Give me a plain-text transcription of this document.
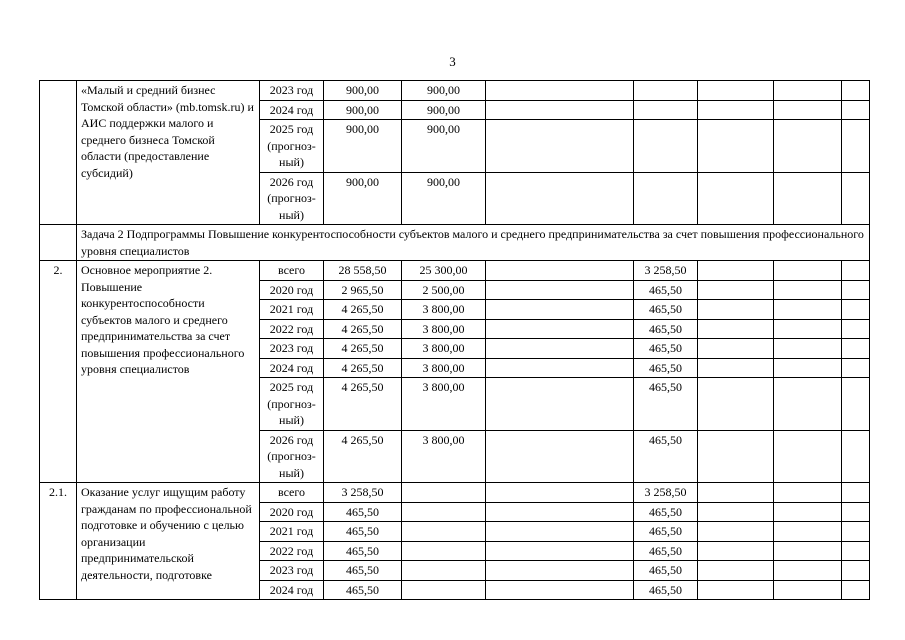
3
	«Малый и средний бизнес Томской области» (mb.tomsk.ru) и АИС поддержки малого и среднего бизнеса Томской области (предоставление субсидий)	2023 год	900,00	900,00					
		2024 год	900,00	900,00					
		2025 год (прогноз-ный)	900,00	900,00					
		2026 год (прогноз-ный)	900,00	900,00					
	Задача 2 Подпрограммы Повышение конкурентоспособности субъектов малого и среднего предпринимательства за счет повышения профессионального уровня специалистов								
2.	Основное мероприятие 2. Повышение конкурентоспособности субъектов малого и среднего предпринимательства за счет повышения профессионального уровня специалистов	всего	28 558,50	25 300,00		3 258,50			
		2020 год	2 965,50	2 500,00		465,50			
		2021 год	4 265,50	3 800,00		465,50			
		2022 год	4 265,50	3 800,00		465,50			
		2023 год	4 265,50	3 800,00		465,50			
		2024 год	4 265,50	3 800,00		465,50			
		2025 год (прогноз-ный)	4 265,50	3 800,00		465,50			
		2026 год (прогноз-ный)	4 265,50	3 800,00		465,50			
2.1.	Оказание услуг ищущим работу гражданам по профессиональной подготовке и обучению с целью организации предпринимательской деятельности, подготовке	всего	3 258,50			3 258,50			
		2020 год	465,50			465,50			
		2021 год	465,50			465,50			
		2022 год	465,50			465,50			
		2023 год	465,50			465,50			
		2024 год	465,50			465,50			
